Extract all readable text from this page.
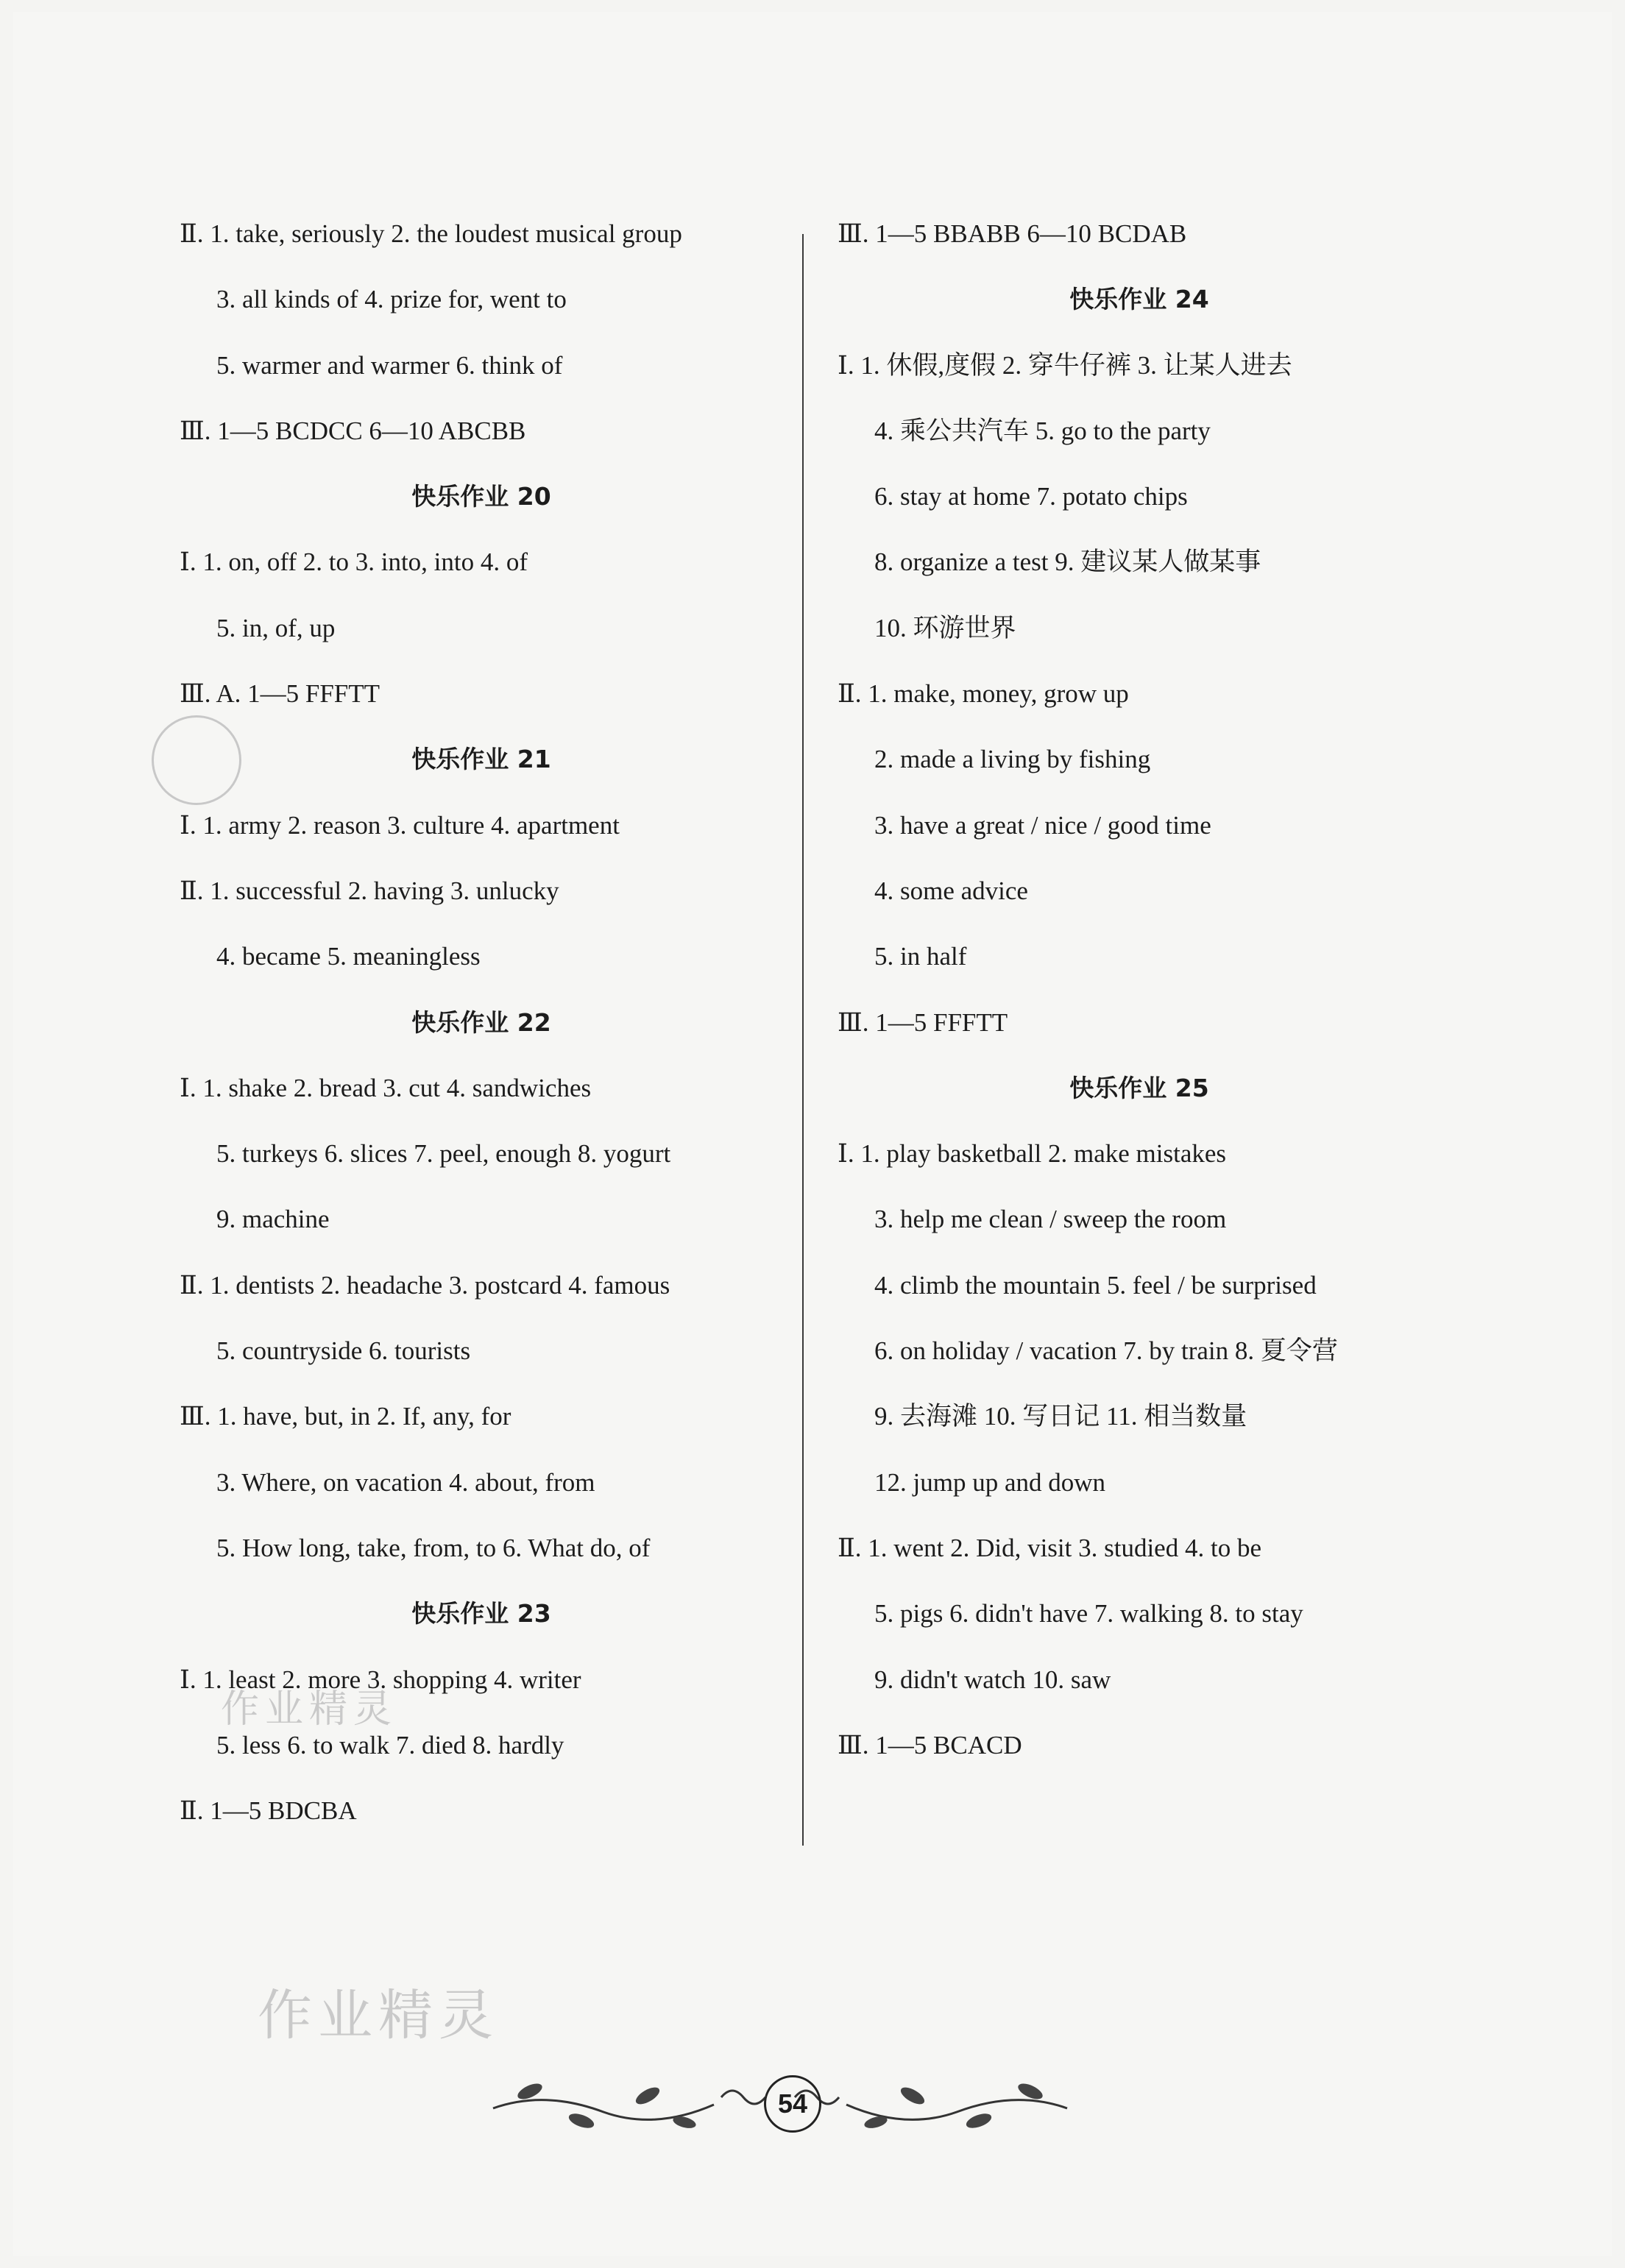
作业精灵
作业精灵
Ⅱ. 1. take, seriously 2. the loudest musical group
3. all kinds of 4. prize for, went to
5. warmer and warmer 6. think of
Ⅲ. 1—5 BCDCC 6—10 ABCBB
快乐作业 20
Ⅰ. 1. on, off 2. to 3. into, into 4. of
5. in, of, up
Ⅲ. A. 1—5 FFFTT
快乐作业 21
Ⅰ. 1. army 2. reason 3. culture 4. apartment
Ⅱ. 1. successful 2. having 3. unlucky
4. became 5. meaningless
快乐作业 22
Ⅰ. 1. shake 2. bread 3. cut 4. sandwiches
5. turkeys 6. slices 7. peel, enough 8. yogurt
9. machine
Ⅱ. 1. dentists 2. headache 3. postcard 4. famous
5. countryside 6. tourists
Ⅲ. 1. have, but, in 2. If, any, for
3. Where, on vacation 4. about, from
5. How long, take, from, to 6. What do, of
快乐作业 23
Ⅰ. 1. least 2. more 3. shopping 4. writer
5. less 6. to walk 7. died 8. hardly
Ⅱ. 1—5 BDCBA
Ⅲ. 1—5 BBABB 6—10 BCDAB
快乐作业 24
Ⅰ. 1. 休假,度假 2. 穿牛仔裤 3. 让某人进去
4. 乘公共汽车 5. go to the party
6. stay at home 7. potato chips
8. organize a test 9. 建议某人做某事
10. 环游世界
Ⅱ. 1. make, money, grow up
2. made a living by fishing
3. have a great / nice / good time
4. some advice
5. in half
Ⅲ. 1—5 FFFTT
快乐作业 25
Ⅰ. 1. play basketball 2. make mistakes
3. help me clean / sweep the room
4. climb the mountain 5. feel / be surprised
6. on holiday / vacation 7. by train 8. 夏令营
9. 去海滩 10. 写日记 11. 相当数量
12. jump up and down
Ⅱ. 1. went 2. Did, visit 3. studied 4. to be
5. pigs 6. didn't have 7. walking 8. to stay
9. didn't watch 10. saw
Ⅲ. 1—5 BCACD
54
